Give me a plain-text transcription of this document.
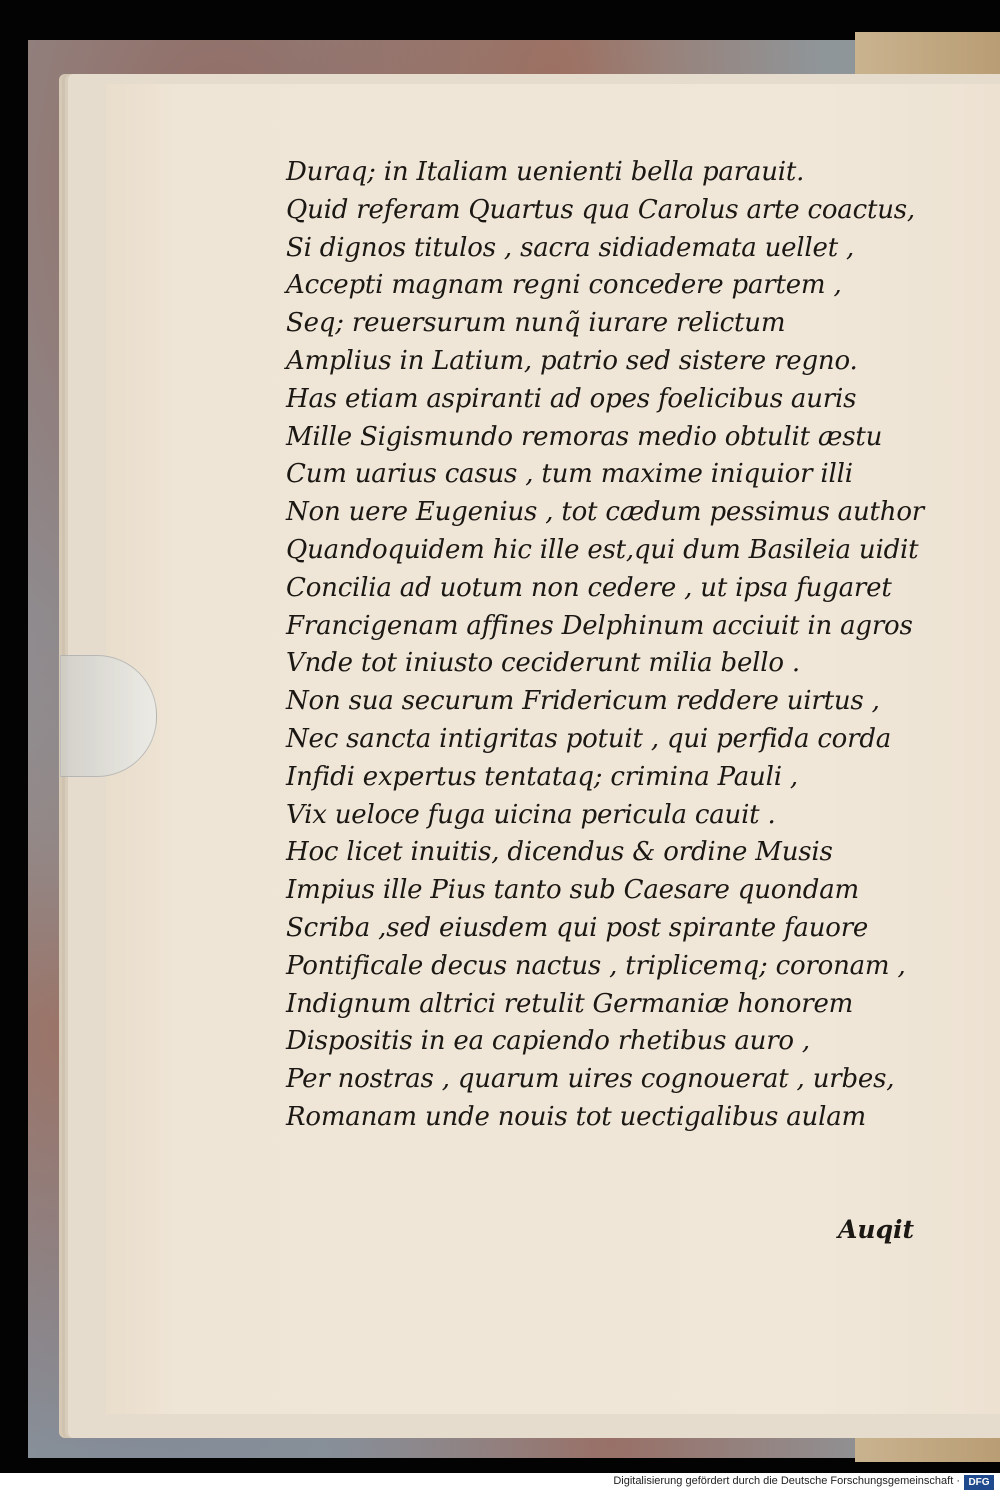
Duraq; in Italiam uenienti bella parauit.
Quid referam Quartus qua Carolus arte coactus,
Si dignos titulos , sacra sidiademata uellet ,
Accepti magnam regni concedere partem ,
Seq; reuersurum nunq̃ iurare relictum
Amplius in Latium, patrio sed sistere regno.
Has etiam aspiranti ad opes foelicibus auris
Mille Sigismundo remoras medio obtulit æstu
Cum uarius casus , tum maxime iniquior illi
Non uere Eugenius , tot cædum pessimus author
Quandoquidem hic ille est,qui dum Basileia uidit
Concilia ad uotum non cedere , ut ipsa fugaret
Francigenam affines Delphinum acciuit in agros
Vnde tot iniusto ceciderunt milia bello .
Non sua securum Fridericum reddere uirtus ,
Nec sancta intigritas potuit , qui perfida corda
Infidi expertus tentataq; crimina Pauli ,
Vix ueloce fuga uicina pericula cauit .
Hoc licet inuitis, dicendus & ordine Musis
Impius ille Pius tanto sub Caesare quondam
Scriba ,sed eiusdem qui post spirante fauore
Pontificale decus nactus , triplicemq; coronam ,
Indignum altrici retulit Germaniæ honorem
Dispositis in ea capiendo rhetibus auro ,
Per nostras , quarum uires cognouerat , urbes,
Romanam unde nouis tot uectigalibus aulam
Auqit
Digitalisierung gefördert durch die Deutsche Forschungsgemeinschaft · DFG
